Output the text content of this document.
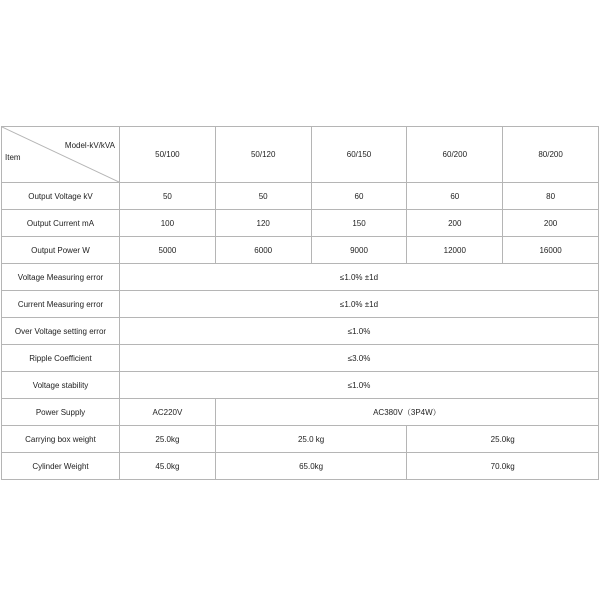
Model-kV/kVA
Item	50/100	50/120	60/150	60/200	80/200
Output Voltage kV	50	50	60	60	80
Output Current mA	100	120	150	200	200
Output Power W	5000	6000	9000	12000	16000
Voltage Measuring error	≤1.0% ±1d				
Current Measuring error	≤1.0% ±1d				
Over Voltage setting error	≤1.0%				
Ripple Coefficient	≤3.0%				
Voltage stability	≤1.0%				
Power Supply	AC220V	AC380V（3P4W）			
Carrying box weight	25.0kg	25.0 kg		25.0kg	
Cylinder Weight	45.0kg	65.0kg		70.0kg	
